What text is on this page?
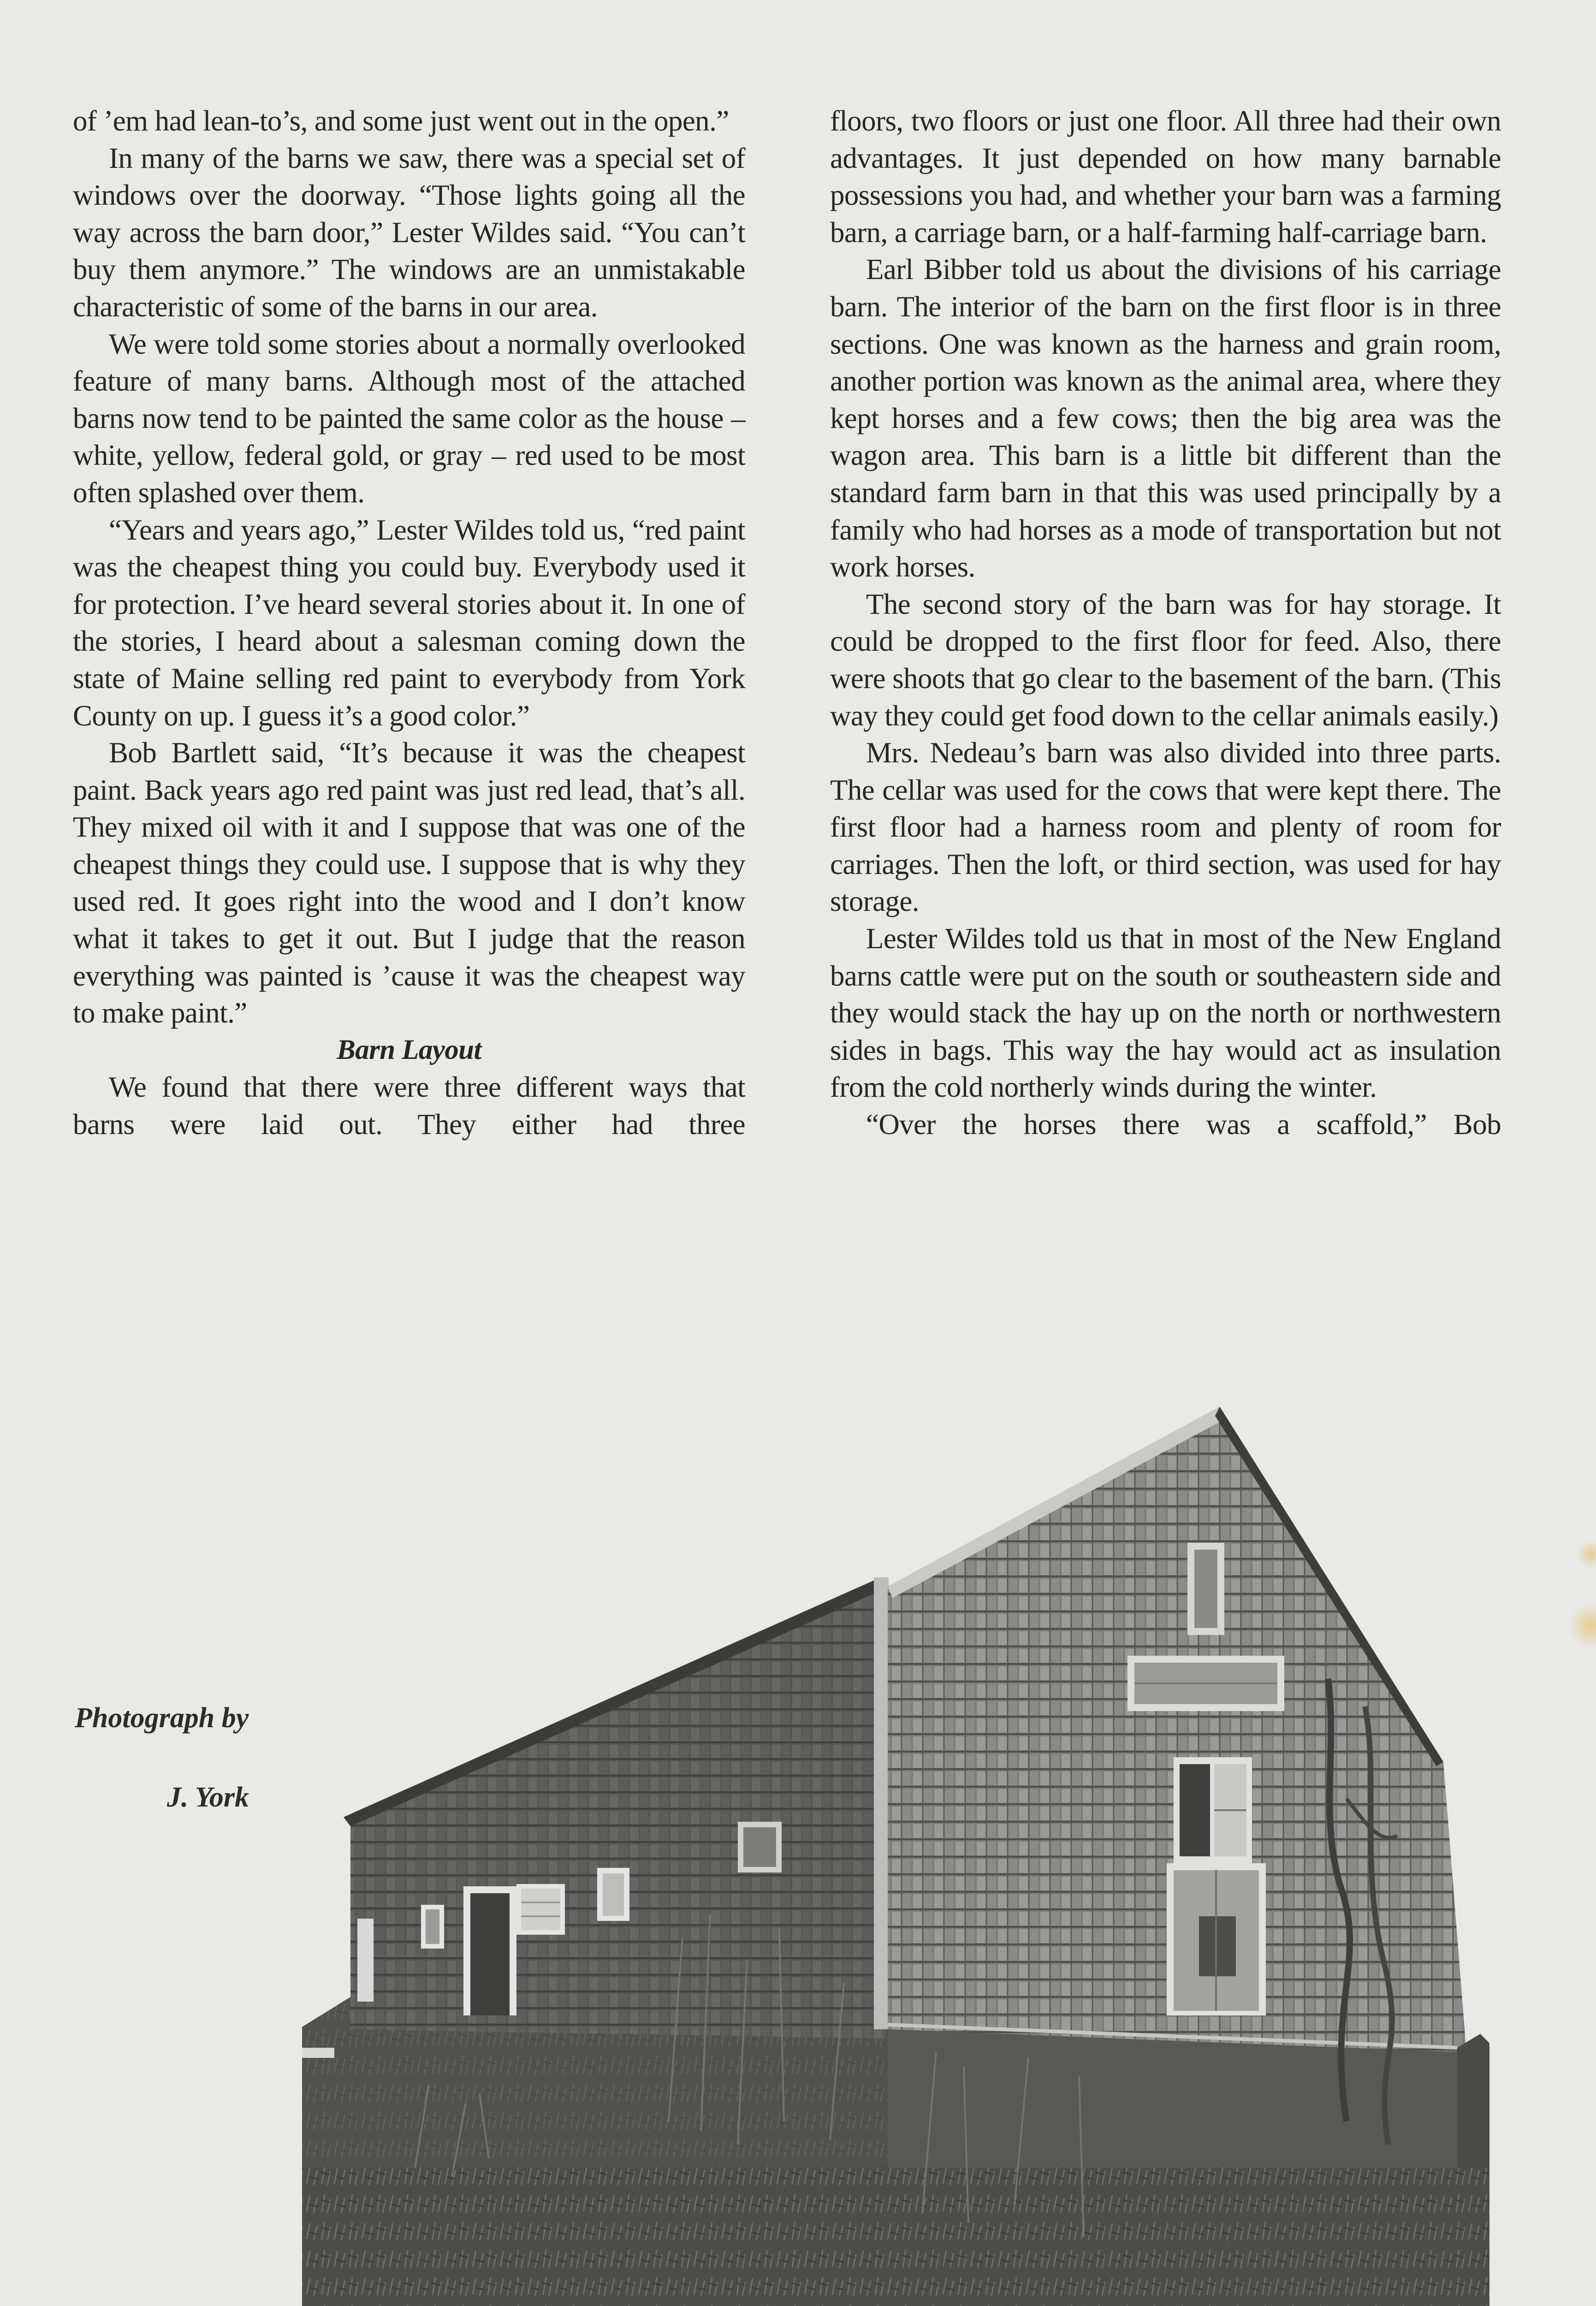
of ’em had lean-to’s, and some just went out in the open.”

In many of the barns we saw, there was a special set of windows over the doorway. “Those lights going all the way across the barn door,” Lester Wildes said. “You can’t buy them anymore.” The windows are an unmistakable characteristic of some of the barns in our area.

We were told some stories about a normally overlooked feature of many barns. Although most of the attached barns now tend to be painted the same color as the house – white, yellow, federal gold, or gray – red used to be most often splashed over them.

“Years and years ago,” Lester Wildes told us, “red paint was the cheapest thing you could buy. Everybody used it for protection. I’ve heard several stories about it. In one of the stories, I heard about a salesman coming down the state of Maine selling red paint to everybody from York County on up. I guess it’s a good color.”

Bob Bartlett said, “It’s because it was the cheapest paint. Back years ago red paint was just red lead, that’s all. They mixed oil with it and I suppose that was one of the cheapest things they could use. I suppose that is why they used red. It goes right into the wood and I don’t know what it takes to get it out. But I judge that the reason everything was painted is ’cause it was the cheapest way to make paint.”

Barn Layout

We found that there were three different ways that barns were laid out. They either had three

floors, two floors or just one floor. All three had their own advantages. It just depended on how many barnable possessions you had, and whether your barn was a farming barn, a carriage barn, or a half-farming half-carriage barn.

Earl Bibber told us about the divisions of his carriage barn. The interior of the barn on the first floor is in three sections. One was known as the harness and grain room, another portion was known as the animal area, where they kept horses and a few cows; then the big area was the wagon area. This barn is a little bit different than the standard farm barn in that this was used principally by a family who had horses as a mode of transportation but not work horses.

The second story of the barn was for hay storage. It could be dropped to the first floor for feed. Also, there were shoots that go clear to the basement of the barn. (This way they could get food down to the cellar animals easily.)

Mrs. Nedeau’s barn was also divided into three parts. The cellar was used for the cows that were kept there. The first floor had a harness room and plenty of room for carriages. Then the loft, or third section, was used for hay storage.

Lester Wildes told us that in most of the New England barns cattle were put on the south or southeastern side and they would stack the hay up on the north or northwestern sides in bags. This way the hay would act as insulation from the cold northerly winds during the winter.

“Over the horses there was a scaffold,” Bob

Photograph by
J. York
